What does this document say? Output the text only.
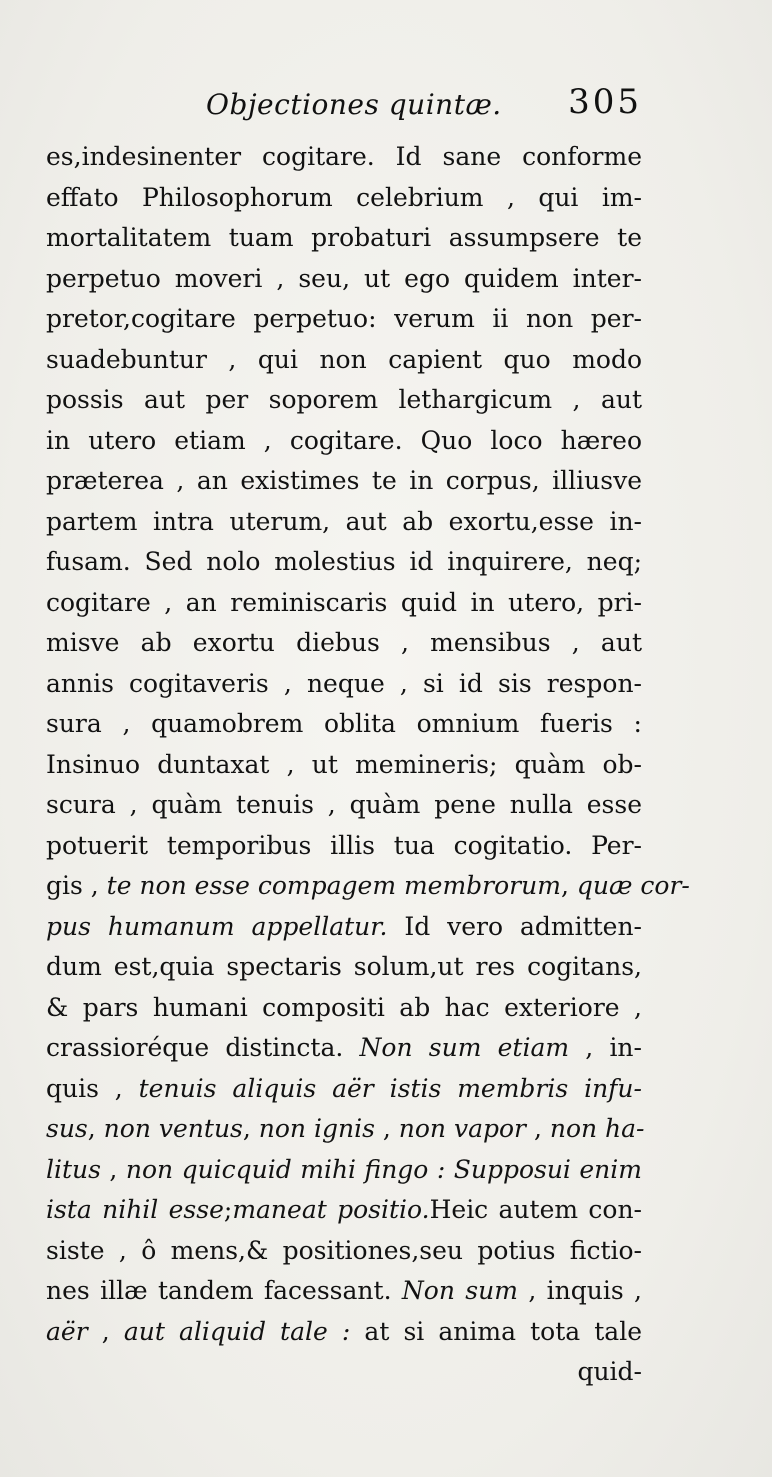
Objectiones quintæ. 305
es,indesinenter cogitare. Id sane conforme
effato Philosophorum celebrium , qui im-
mortalitatem tuam probaturi assumpsere te
perpetuo moveri , seu, ut ego quidem inter-
pretor,cogitare perpetuo: verum ii non per-
suadebuntur , qui non capient quo modo
possis aut per soporem lethargicum , aut
in utero etiam , cogitare. Quo loco hæreo
præterea , an existimes te in corpus, illiusve
partem intra uterum, aut ab exortu,esse in-
fusam. Sed nolo molestius id inquirere, neq;
cogitare , an reminiscaris quid in utero, pri-
misve ab exortu diebus , mensibus , aut
annis cogitaveris , neque , si id sis respon-
sura , quamobrem oblita omnium fueris :
Insinuo duntaxat , ut memineris; quàm ob-
scura , quàm tenuis , quàm pene nulla esse
potuerit temporibus illis tua cogitatio. Per-
gis , te non esse compagem membrorum, quæ cor-
pus humanum appellatur. Id vero admitten-
dum est,quia spectaris solum,ut res cogitans,
& pars humani compositi ab hac exteriore ,
crassioréque distincta. Non sum etiam , in-
quis , tenuis aliquis aër istis membris infu-
sus, non ventus, non ignis , non vapor , non ha-
litus , non quicquid mihi fingo : Supposui enim
ista nihil esse;maneat positio.Heic autem con-
siste , ô mens,& positiones,seu potius fictio-
nes illæ tandem facessant. Non sum , inquis ,
aër , aut aliquid tale : at si anima tota tale
quid-
